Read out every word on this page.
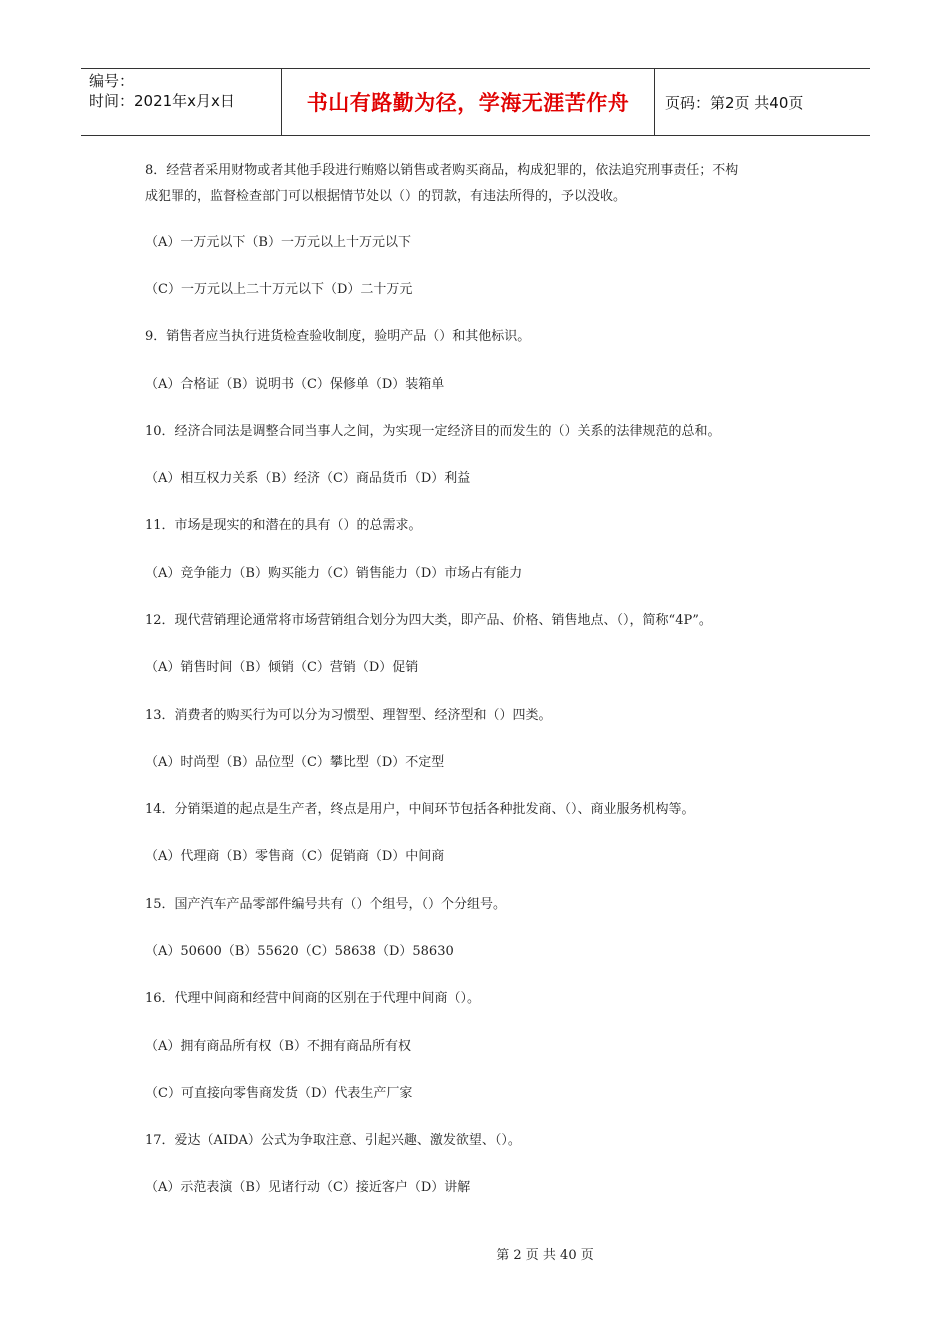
编号：
时间：2021年x月x日	书山有路勤为径，学海无涯苦作舟 页码：第2页 共40页
8．经营者采用财物或者其他手段进行贿赂以销售或者购买商品，构成犯罪的，依法追究刑事责任；不构
成犯罪的，监督检查部门可以根据情节处以（）的罚款，有违法所得的，予以没收。
（A）一万元以下（B）一万元以上十万元以下
（C）一万元以上二十万元以下（D）二十万元
9．销售者应当执行进货检查验收制度，验明产品（）和其他标识。
（A）合格证（B）说明书（C）保修单（D）装箱单
10．经济合同法是调整合同当事人之间，为实现一定经济目的而发生的（）关系的法律规范的总和。
（A）相互权力关系（B）经济（C）商品货币（D）利益
11．市场是现实的和潜在的具有（）的总需求。
（A）竞争能力（B）购买能力（C）销售能力（D）市场占有能力
12．现代营销理论通常将市场营销组合划分为四大类，即产品、价格、销售地点、（），简称“4P”。
（A）销售时间（B）倾销（C）营销（D）促销
13．消费者的购买行为可以分为习惯型、理智型、经济型和（）四类。
（A）时尚型（B）品位型（C）攀比型（D）不定型
14．分销渠道的起点是生产者，终点是用户，中间环节包括各种批发商、（）、商业服务机构等。
（A）代理商（B）零售商（C）促销商（D）中间商
15．国产汽车产品零部件编号共有（）个组号，（）个分组号。
（A）50600（B）55620（C）58638（D）58630
16．代理中间商和经营中间商的区别在于代理中间商（）。
（A）拥有商品所有权（B）不拥有商品所有权
（C）可直接向零售商发货（D）代表生产厂家
17．爱达（AIDA）公式为争取注意、引起兴趣、激发欲望、（）。
（A）示范表演（B）见诸行动（C）接近客户（D）讲解
第 2 页 共 40 页
